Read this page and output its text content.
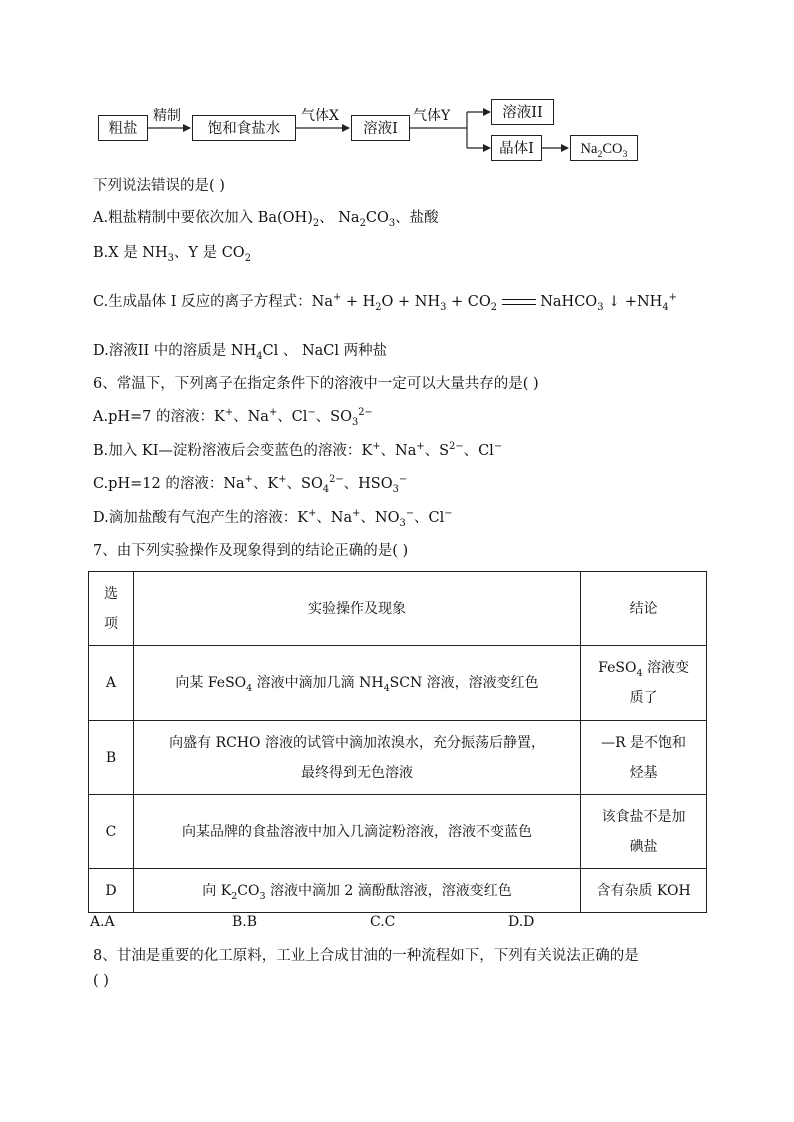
粗盐
精制
饱和食盐水
气体X
溶液I
气体Y	溶液II
晶体I	$Na_2CO_3$
下列说法错误的是( )
A.粗盐精制中要依次加入 $Ba(OH)_2$、 $Na_2CO_3$、盐酸
B.X 是 $NH_3$、Y 是 $CO_2$
C.生成晶体 I 反应的离子方程式：$Na^+ + H_2O + NH_3 + CO_2$	NaHCO$_3$ ↓ $+NH_4^+$
D.溶液II 中的溶质是 $NH_4Cl$ 、 NaCl 两种盐
6、常温下，下列离子在指定条件下的溶液中一定可以大量共存的是( )
A.pH=7 的溶液：K+、Na+、Cl−、$SO_3^{2-}$
B.加入 KI—淀粉溶液后会变蓝色的溶液：K+、Na+、$S^{2-}$、Cl−
C.pH=12 的溶液：Na+、K+、$SO_4^{2-}$、$HSO_3^-$
D.滴加盐酸有气泡产生的溶液：K+、Na+、$NO_3^-$、Cl−
7、由下列实验操作及现象得到的结论正确的是( )
选
项	实验操作及现象	结论
A	向某 FeSO$_4$ 溶液中滴加几滴 $NH_4SCN$ 溶液，溶液变红色	FeSO$_4$ 溶液变
质了
B	向盛有 RCHO 溶液的试管中滴加浓溴水，充分振荡后静置，
最终得到无色溶液	—R 是不饱和
烃基
C	向某品牌的食盐溶液中加入几滴淀粉溶液，溶液不变蓝色	该食盐不是加
碘盐
D	向 $K_2CO_3$ 溶液中滴加 2 滴酚酞溶液，溶液变红色	含有杂质 KOH
A.A	B.B	C.C	D.D
8、甘油是重要的化工原料，工业上合成甘油的一种流程如下，下列有关说法正确的是
( )
